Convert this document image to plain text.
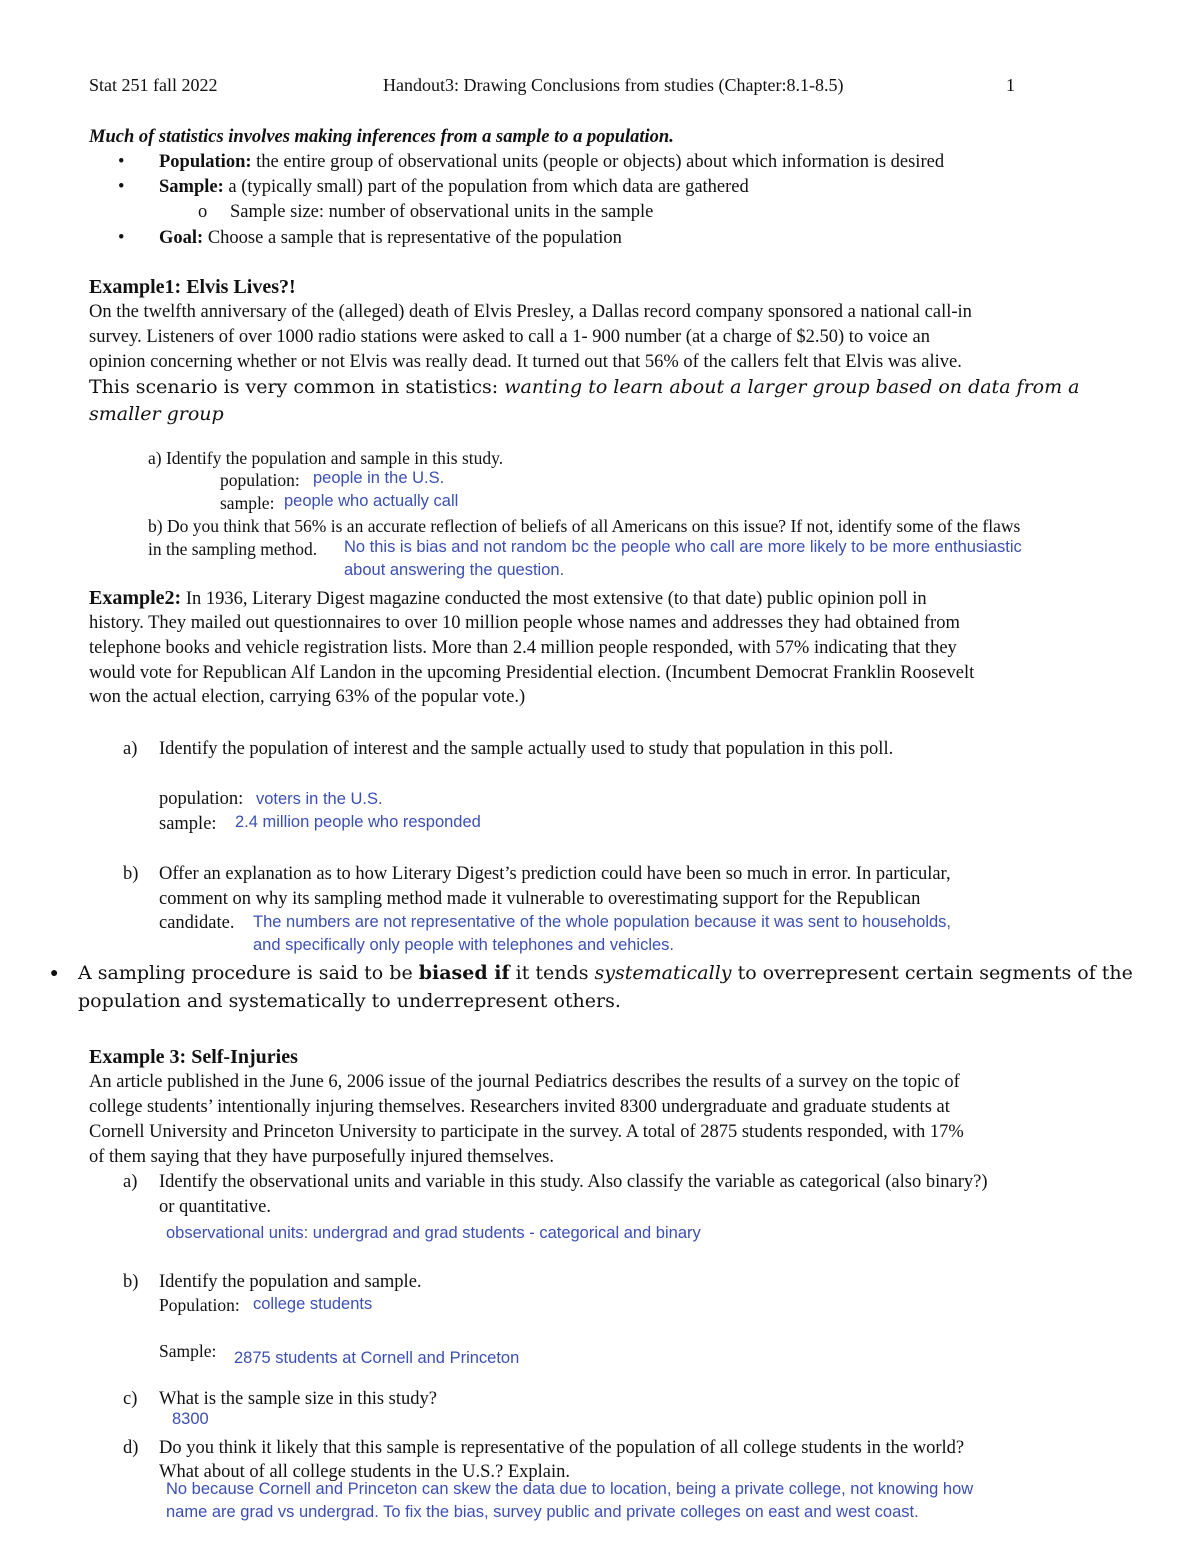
Stat 251 fall 2022	Handout3: Drawing Conclusions from studies (Chapter:8.1-8.5)	1
Much of statistics involves making inferences from a sample to a population.
• Population: the entire group of observational units (people or objects) about which information is desired
• Sample: a (typically small) part of the population from which data are gathered
o Sample size: number of observational units in the sample
• Goal: Choose a sample that is representative of the population
Example1: Elvis Lives?!
On the twelfth anniversary of the (alleged) death of Elvis Presley, a Dallas record company sponsored a national call-in
survey. Listeners of over 1000 radio stations were asked to call a 1- 900 number (at a charge of $2.50) to voice an
opinion concerning whether or not Elvis was really dead. It turned out that 56% of the callers felt that Elvis was alive.
This scenario is very common in statistics: wanting to learn about a larger group based on data from a
smaller group
a) Identify the population and sample in this study.
population: people in the U.S.
sample: people who actually call
b) Do you think that 56% is an accurate reflection of beliefs of all Americans on this issue? If not, identify some of the flaws
in the sampling method. No this is bias and not random bc the people who call are more likely to be more enthusiastic
about answering the question.
Example2: In 1936, Literary Digest magazine conducted the most extensive (to that date) public opinion poll in
history. They mailed out questionnaires to over 10 million people whose names and addresses they had obtained from
telephone books and vehicle registration lists. More than 2.4 million people responded, with 57% indicating that they
would vote for Republican Alf Landon in the upcoming Presidential election. (Incumbent Democrat Franklin Roosevelt
won the actual election, carrying 63% of the popular vote.)
a) Identify the population of interest and the sample actually used to study that population in this poll.
population: voters in the U.S.
sample: 2.4 million people who responded
b) Offer an explanation as to how Literary Digest’s prediction could have been so much in error. In particular,
comment on why its sampling method made it vulnerable to overestimating support for the Republican
candidate. The numbers are not representative of the whole population because it was sent to households,
and specifically only people with telephones and vehicles.
● A sampling procedure is said to be biased if it tends systematically to overrepresent certain segments of the
population and systematically to underrepresent others.
Example 3: Self-Injuries
An article published in the June 6, 2006 issue of the journal Pediatrics describes the results of a survey on the topic of
college students’ intentionally injuring themselves. Researchers invited 8300 undergraduate and graduate students at
Cornell University and Princeton University to participate in the survey. A total of 2875 students responded, with 17%
of them saying that they have purposefully injured themselves.
a) Identify the observational units and variable in this study. Also classify the variable as categorical (also binary?)
or quantitative.
observational units: undergrad and grad students - categorical and binary
b) Identify the population and sample.
Population: college students
Sample: 2875 students at Cornell and Princeton
c) What is the sample size in this study?
8300
d) Do you think it likely that this sample is representative of the population of all college students in the world?
What about of all college students in the U.S.? Explain.
No because Cornell and Princeton can skew the data due to location, being a private college, not knowing how
name are grad vs undergrad. To fix the bias, survey public and private colleges on east and west coast.
